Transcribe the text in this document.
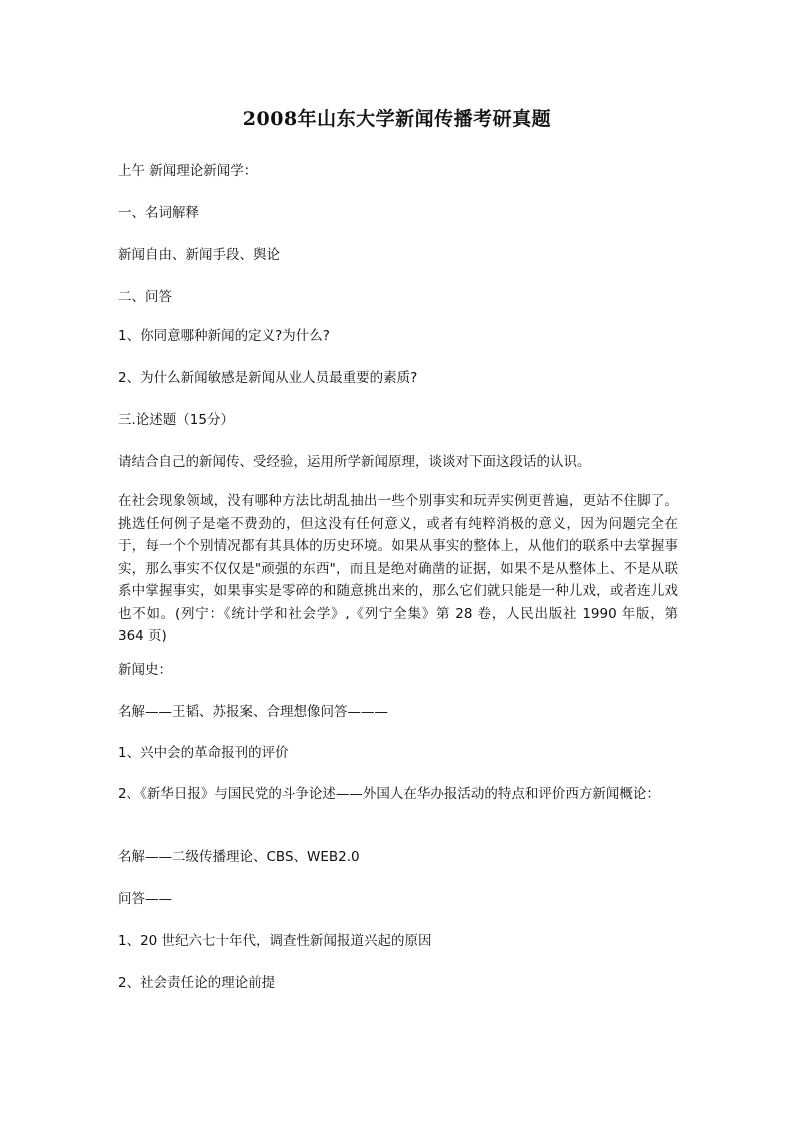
2008年山东大学新闻传播考研真题
上午 新闻理论新闻学：
一、名词解释
新闻自由、新闻手段、舆论
二、问答
1、你同意哪种新闻的定义?为什么?
2、为什么新闻敏感是新闻从业人员最重要的素质?
三.论述题（15分）
请结合自己的新闻传、受经验，运用所学新闻原理，谈谈对下面这段话的认识。
在社会现象领域，没有哪种方法比胡乱抽出一些个别事实和玩弄实例更普遍，更站不住脚了。挑选任何例子是毫不费劲的，但这没有任何意义，或者有纯粹消极的意义，因为问题完全在于，每一个个别情况都有其具体的历史环境。如果从事实的整体上，从他们的联系中去掌握事实，那么事实不仅仅是"顽强的东西"，而且是绝对确凿的证据，如果不是从整体上、不是从联系中掌握事实，如果事实是零碎的和随意挑出来的，那么它们就只能是一种儿戏，或者连儿戏也不如。(列宁：《统计学和社会学》,《列宁全集》第 28 卷，人民出版社 1990 年版，第 364 页)
新闻史：
名解——王韬、苏报案、合理想像问答———
1、兴中会的革命报刊的评价
2､《新华日报》与国民党的斗争论述——外国人在华办报活动的特点和评价西方新闻概论：
名解——二级传播理论、CBS、WEB2.0
问答——
1、20 世纪六七十年代，调查性新闻报道兴起的原因
2、社会责任论的理论前提
